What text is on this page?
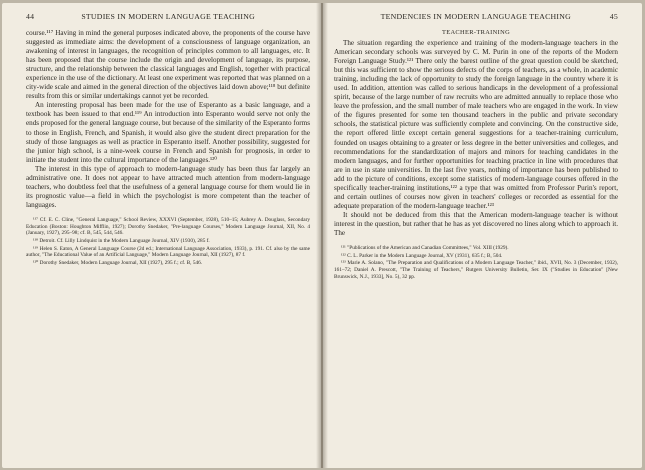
44	STUDIES IN MODERN LANGUAGE TEACHING

course.¹¹⁷ Having in mind the general purposes indicated above, the proponents of the course have suggested as immediate aims: the development of a consciousness of language organization, an awakening of interest in languages, the recognition of principles common to all languages, etc. It has been proposed that the course include the origin and development of language, its purpose, structure, and the relationship between the classical languages and English, together with practical experience in the use of the dictionary. At least one experiment was reported that was planned on a city-wide scale and aimed in the general direction of the objectives laid down above;¹¹⁸ but definite results from this or similar undertakings cannot yet be recorded.

An interesting proposal has been made for the use of Esperanto as a basic language, and a textbook has been issued to that end.¹¹⁹ An introduction into Esperanto would serve not only the ends proposed for the general language course, but because of the similarity of the Esperanto forms to those in English, French, and Spanish, it would also give the student direct preparation for the study of those languages as well as practice in Esperanto itself. Another possibility, suggested for the junior high school, is a nine-week course in French and Spanish for prognosis, in order to initiate the student into the cultural importance of the languages.¹²⁰

The interest in this type of approach to modern-language study has been thus far largely an administrative one. It does not appear to have attracted much attention from modern-language teachers, who doubtless feel that the usefulness of a general language course for them would lie in its prognostic value—a field in which the psychologist is more competent than the teacher of languages.

¹¹⁷ Cf. E. C. Cline, "General Language," School Review, XXXVI (September, 1928), 510–15; Aubrey A. Douglass, Secondary Education (Boston: Houghton Mifflin, 1927); Dorothy Snedaker, "Pre-language Courses," Modern Language Journal, XII, No. 4 (January, 1927), 295–98; cf. B, 545, 544, 546.

¹¹⁸ Detroit. Cf. Lilly Lindquist in the Modern Language Journal, XIV (1930), 285 f.

¹¹⁹ Helen S. Eaton, A General Language Course (2d ed.; International Language Association, 1933), p. 191. Cf. also by the same author, "The Educational Value of an Artificial Language," Modern Language Journal, XII (1927), 87 f.

¹²⁰ Dorothy Snedaker, Modern Language Journal, XII (1927), 295 f.; cf. B, 546.

TENDENCIES IN MODERN LANGUAGE TEACHING	45
TEACHER-TRAINING

The situation regarding the experience and training of the modern-language teachers in the American secondary schools was surveyed by C. M. Purin in one of the reports of the Modern Foreign Language Study.¹²¹ There only the barest outline of the great question could be sketched, but this was sufficient to show the serious defects of the corps of teachers, as a whole, in academic training, including the lack of opportunity to study the foreign language in the country where it is used. In addition, attention was called to serious handicaps in the development of a professional spirit, because of the large number of raw recruits who are admitted annually to replace those who leave the profession, and the small number of male teachers who are engaged in the work. In view of the figures presented for some ten thousand teachers in the public and private secondary schools, the statistical picture was sufficiently complete and convincing. On the constructive side, the report offered little except certain general suggestions for a teacher-training curriculum, founded on usages obtaining to a greater or less degree in the better universities and colleges, and recommendations for the standardization of majors and minors for teaching candidates in the modern languages, and for further opportunities for teaching practice in line with procedures that are in use in state universities. In the last five years, nothing of importance has been published to add to the picture of conditions, except some statistics of modern-language courses offered in the specifically teacher-training institutions,¹²² a type that was omitted from Professor Purin's report, and certain outlines of courses now given in teachers' colleges or recorded as essential for the adequate preparation of the modern-language teacher.¹²³

It should not be deduced from this that the American modern-language teacher is without interest in the question, but rather that he has as yet discovered no lines along which to approach it. The

¹²¹ "Publications of the American and Canadian Committees," Vol. XIII (1929).

¹²² C. L. Parker in the Modern Language Journal, XV (1931), 635 f.; B, 504.

¹²³ Marie A. Solano, "The Preparation and Qualifications of a Modern Language Teacher," ibid., XVII, No. 3 (December, 1932), 161–72; Daniel A. Prescott, "The Training of Teachers," Rutgers University Bulletin, Ser. IX ("Studies in Education" [New Brunswick, N.J., 1933], No. 5), 32 pp.
